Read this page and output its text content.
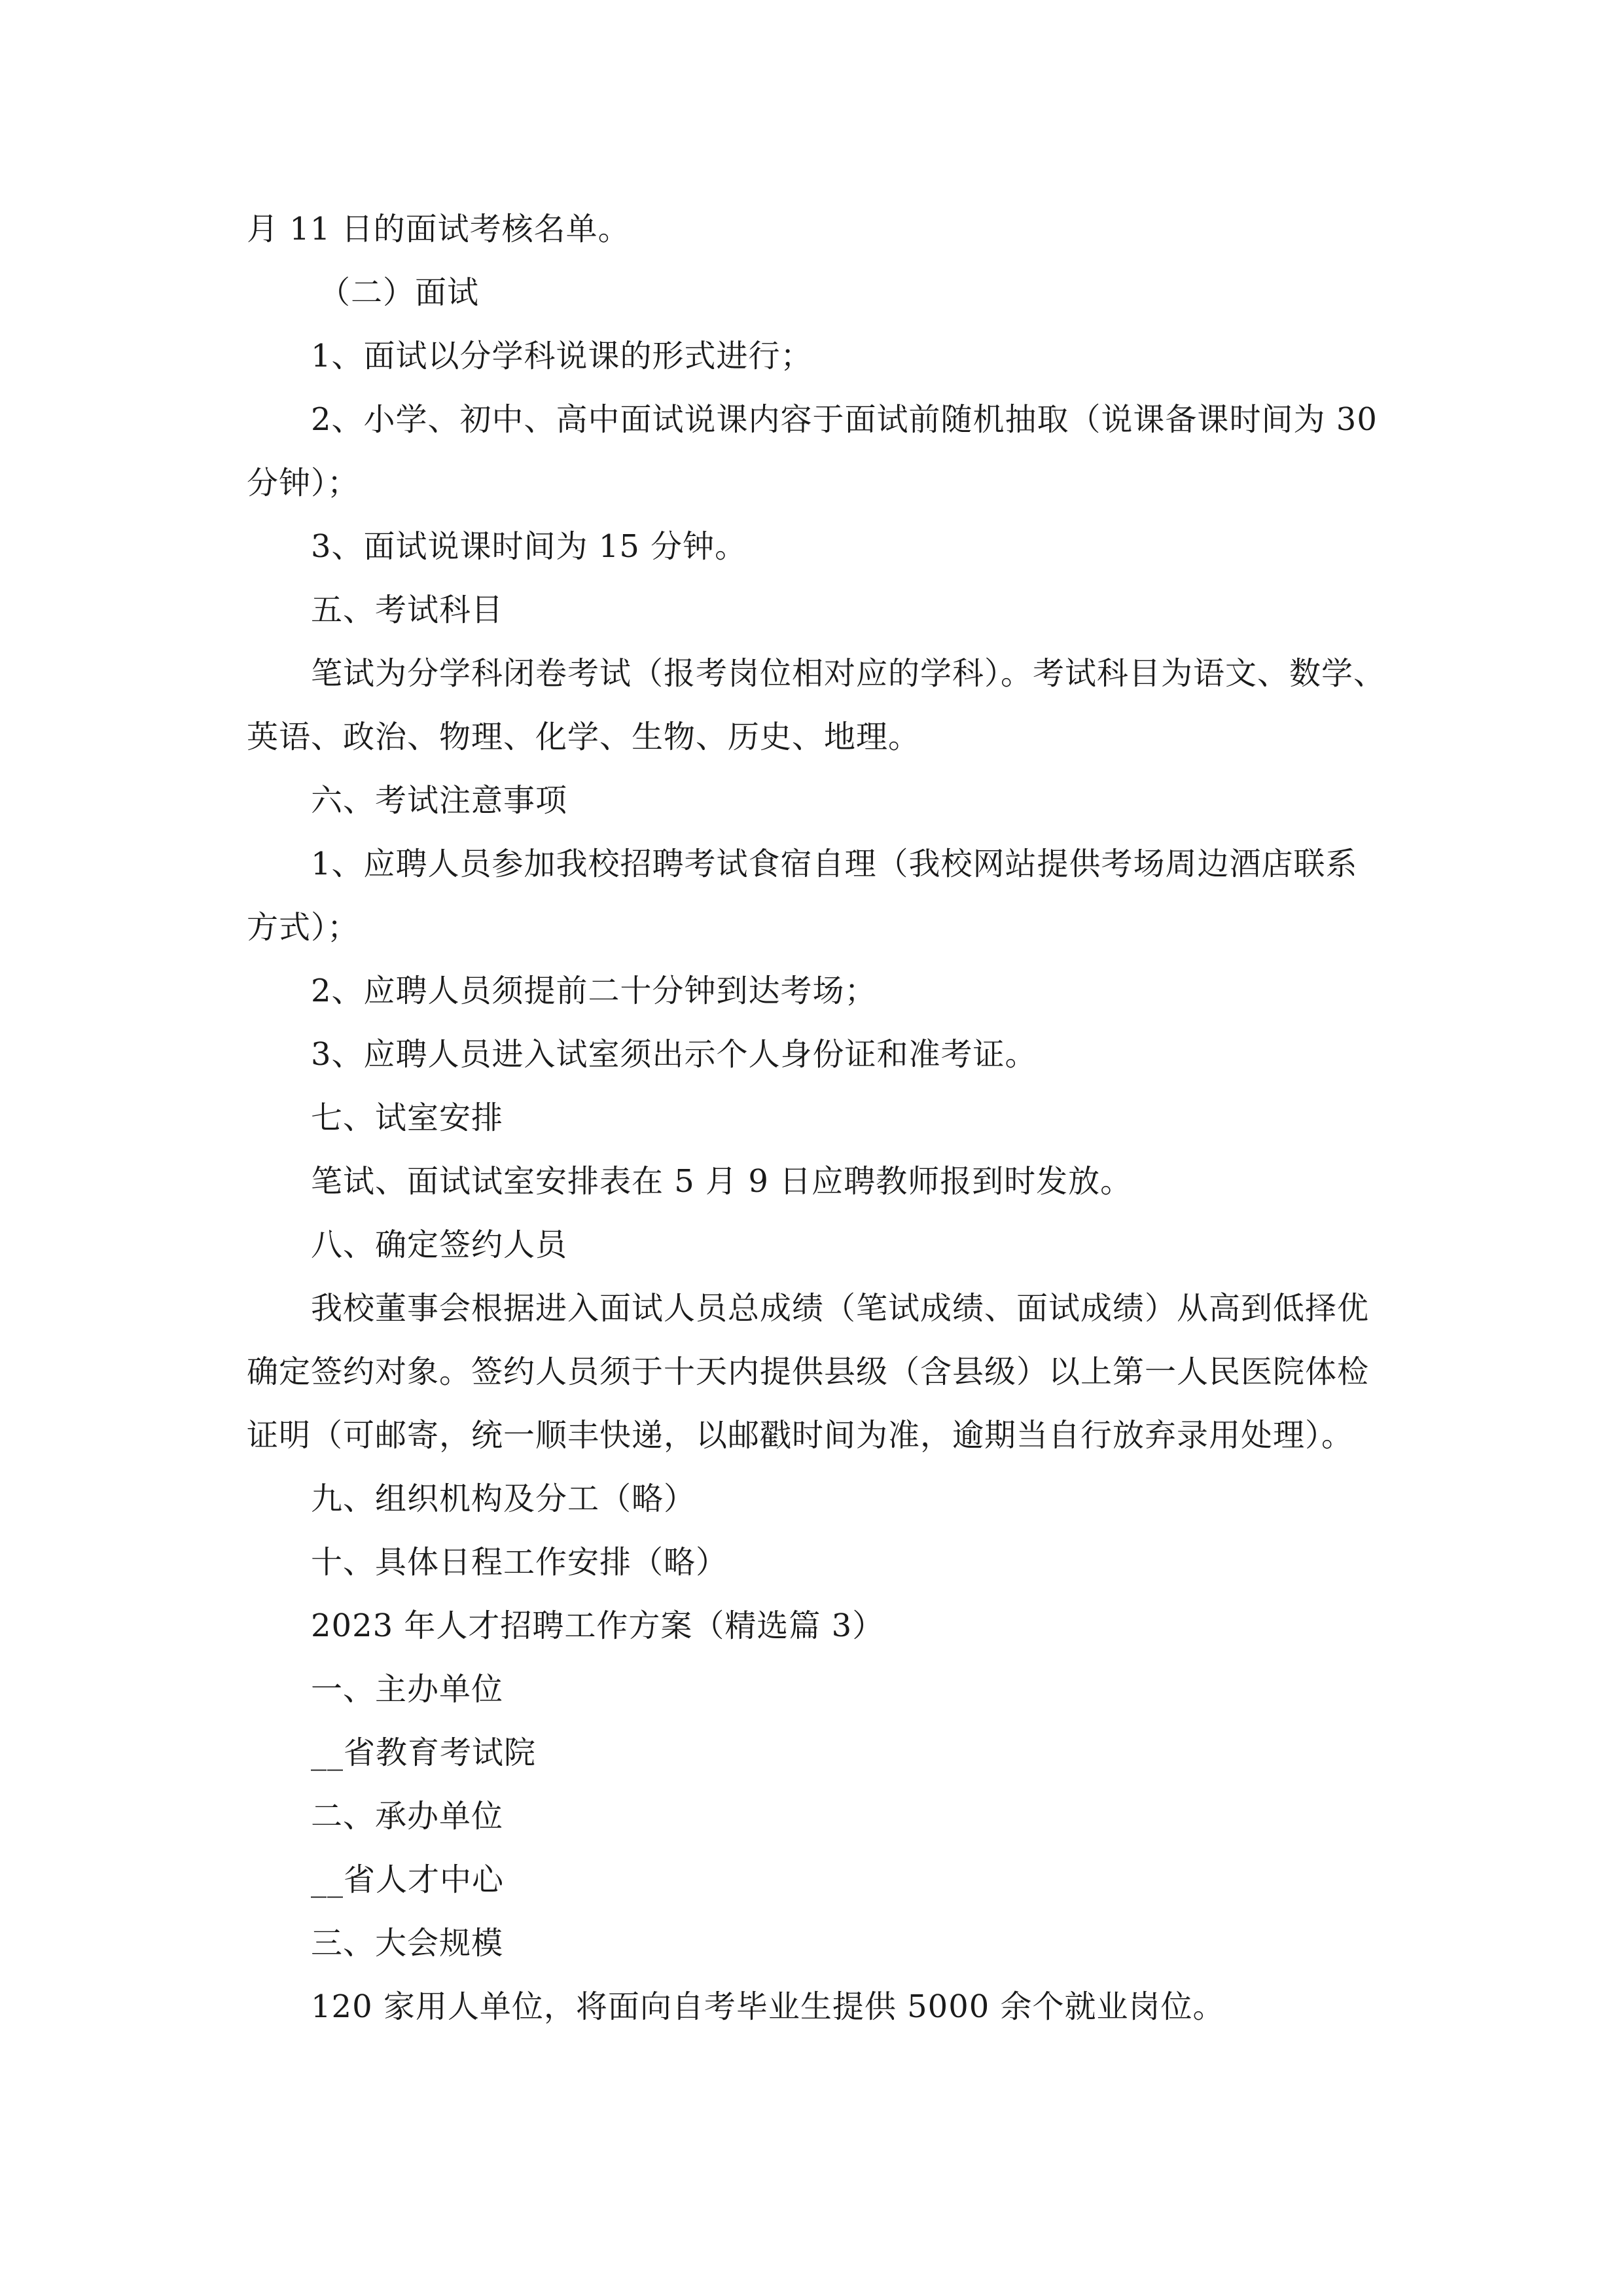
月 11 日的面试考核名单。
（二）面试
1、面试以分学科说课的形式进行；
2、小学、初中、高中面试说课内容于面试前随机抽取（说课备课时间为 30
分钟）；
3、面试说课时间为 15 分钟。
五、考试科目
笔试为分学科闭卷考试（报考岗位相对应的学科）。考试科目为语文、数学、
英语、政治、物理、化学、生物、历史、地理。
六、考试注意事项
1、应聘人员参加我校招聘考试食宿自理（我校网站提供考场周边酒店联系
方式）；
2、应聘人员须提前二十分钟到达考场；
3、应聘人员进入试室须出示个人身份证和准考证。
七、试室安排
笔试、面试试室安排表在 5 月 9 日应聘教师报到时发放。
八、确定签约人员
我校董事会根据进入面试人员总成绩（笔试成绩、面试成绩）从高到低择优
确定签约对象。签约人员须于十天内提供县级（含县级）以上第一人民医院体检
证明（可邮寄，统一顺丰快递，以邮戳时间为准，逾期当自行放弃录用处理）。
九、组织机构及分工（略）
十、具体日程工作安排（略）
2023 年人才招聘工作方案（精选篇 3）
一、主办单位
__省教育考试院
二、承办单位
__省人才中心
三、大会规模
120 家用人单位，将面向自考毕业生提供 5000 余个就业岗位。
